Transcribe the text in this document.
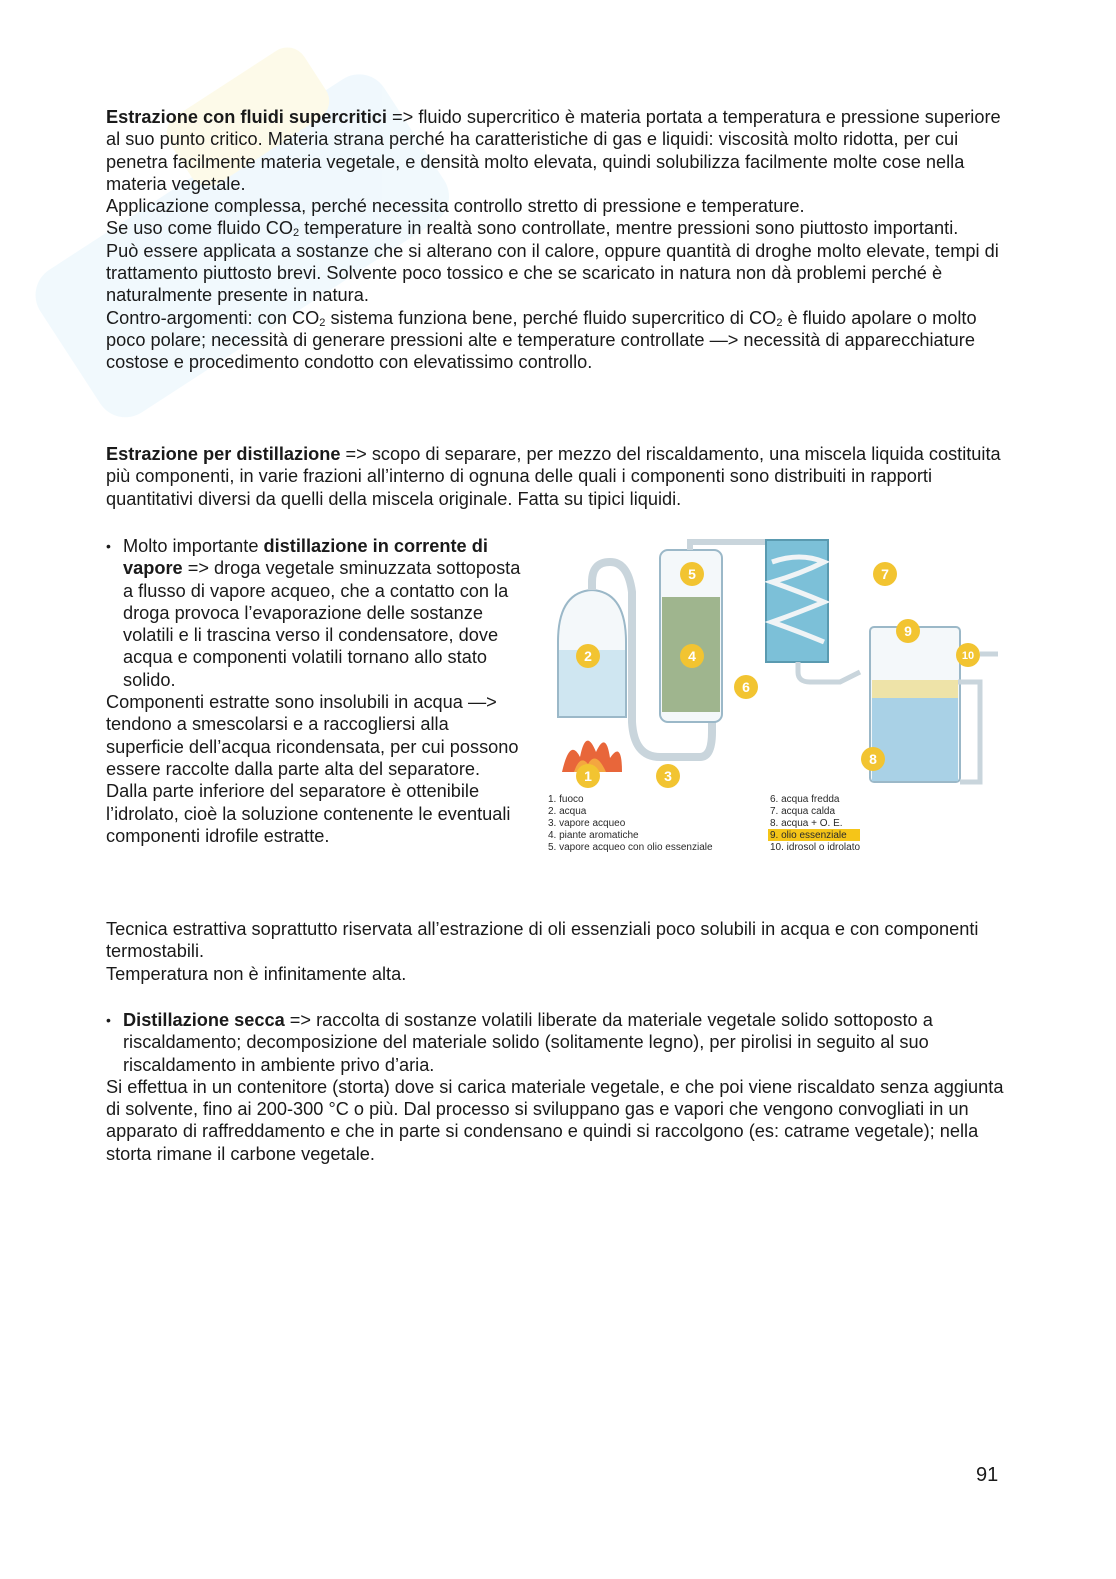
Estrazione con fluidi supercritici => fluido supercritico è materia portata a temperatura e pressione superiore al suo punto critico. Materia strana perché ha caratteristiche di gas e liquidi: viscosità molto ridotta, per cui penetra facilmente materia vegetale, e densità molto elevata, quindi solubilizza facilmente molte cose nella materia vegetale.

Applicazione complessa, perché necessita controllo stretto di pressione e temperature.

Se uso come fluido $CO_2$ temperature in realtà sono controllate, mentre pressioni sono piuttosto importanti.

Può essere applicata a sostanze che si alterano con il calore, oppure quantità di droghe molto elevate, tempi di trattamento piuttosto brevi. Solvente poco tossico e che se scaricato in natura non dà problemi perché è naturalmente presente in natura.

Contro-argomenti: con $CO_2$ sistema funziona bene, perché fluido supercritico di $CO_2$ è fluido apolare o molto poco polare; necessità di generare pressioni alte e temperature controllate —> necessità di apparecchiature costose e procedimento condotto con elevatissimo controllo.

Estrazione per distillazione => scopo di separare, per mezzo del riscaldamento, una miscela liquida costituita più componenti, in varie frazioni all’interno di ognuna delle quali i componenti sono distribuiti in rapporti quantitativi diversi da quelli della miscela originale. Fatta su tipici liquidi.

• Molto importante distillazione in corrente di vapore => droga vegetale sminuzzata sottoposta a flusso di vapore acqueo, che a contatto con la droga provoca l’evaporazione delle sostanze volatili e li trascina verso il condensatore, dove acqua e componenti volatili tornano allo stato solido.

Componenti estratte sono insolubili in acqua —> tendono a smescolarsi e a raccogliersi alla superficie dell’acqua ricondensata, per cui possono essere raccolte dalla parte alta del separatore.

Dalla parte inferiore del separatore è ottenibile l’idrolato, cioè la soluzione contenente le eventuali componenti idrofile estratte.

Tecnica estrattiva soprattutto riservata all’estrazione di oli essenziali poco solubili in acqua e con componenti termostabili.

Temperatura non è infinitamente alta.

1
2
3
4
5
6
7
8
9
10
1. fuoco
2. acqua
3. vapore acqueo
4. piante aromatiche
5. vapore acqueo con olio essenziale
6. acqua fredda
7. acqua calda
8. acqua + O. E.
9. olio essenziale
10. idrosol o idrolato

• Distillazione secca => raccolta di sostanze volatili liberate da materiale vegetale solido sottoposto a riscaldamento; decomposizione del materiale solido (solitamente legno), per pirolisi in seguito al suo riscaldamento in ambiente privo d’aria.

Si effettua in un contenitore (storta) dove si carica materiale vegetale, e che poi viene riscaldato senza aggiunta di solvente, fino ai 200-300 °C o più. Dal processo si sviluppano gas e vapori che vengono convogliati in un apparato di raffreddamento e che in parte si condensano e quindi si raccolgono (es: catrame vegetale); nella storta rimane il carbone vegetale.

91
